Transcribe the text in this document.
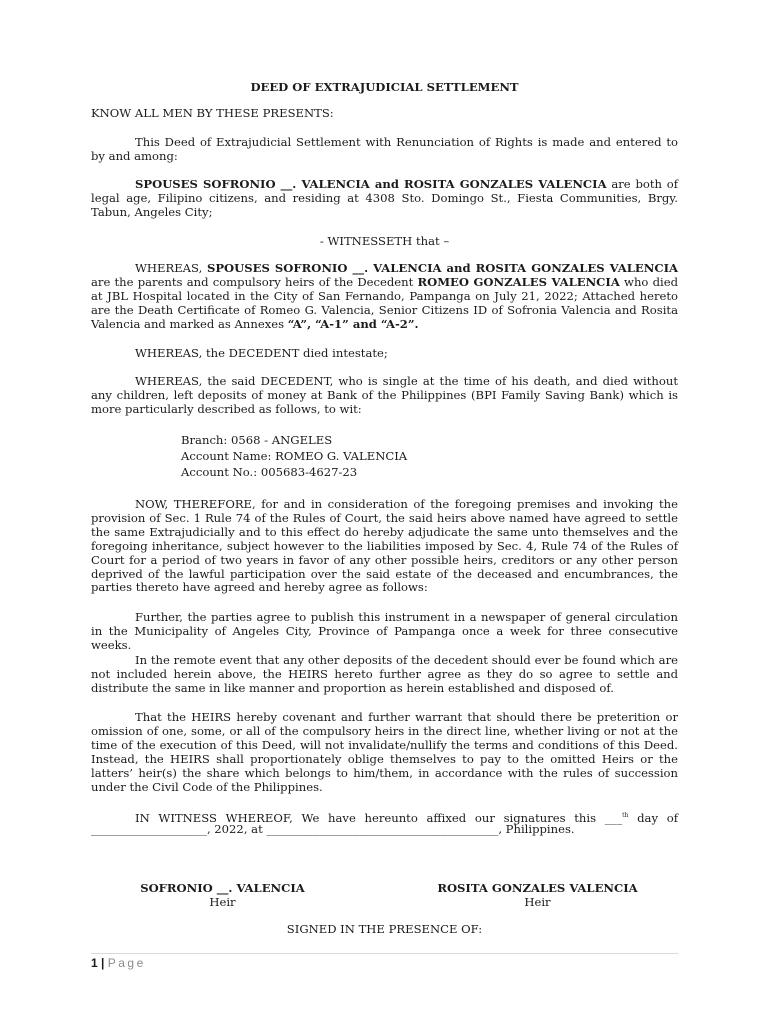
DEED OF EXTRAJUDICIAL SETTLEMENT

KNOW ALL MEN BY THESE PRESENTS:

This Deed of Extrajudicial Settlement with Renunciation of Rights is made and entered to by and among:

SPOUSES SOFRONIO __. VALENCIA and ROSITA GONZALES VALENCIA are both of legal age, Filipino citizens, and residing at 4308 Sto. Domingo St., Fiesta Communities, Brgy. Tabun, Angeles City;

- WITNESSETH that –

WHEREAS, SPOUSES SOFRONIO __. VALENCIA and ROSITA GONZALES VALENCIA are the parents and compulsory heirs of the Decedent ROMEO GONZALES VALENCIA who died at JBL Hospital located in the City of San Fernando, Pampanga on July 21, 2022; Attached hereto are the Death Certificate of Romeo G. Valencia, Senior Citizens ID of Sofronia Valencia and Rosita Valencia and marked as Annexes “A”, “A-1” and “A-2”.

WHEREAS, the DECEDENT died intestate;

WHEREAS, the said DECEDENT, who is single at the time of his death, and died without any children, left deposits of money at Bank of the Philippines (BPI Family Saving Bank) which is more particularly described as follows, to wit:

Branch: 0568 - ANGELES
Account Name: ROMEO G. VALENCIA
Account No.: 005683-4627-23

NOW, THEREFORE, for and in consideration of the foregoing premises and invoking the provision of Sec. 1 Rule 74 of the Rules of Court, the said heirs above named have agreed to settle the same Extrajudicially and to this effect do hereby adjudicate the same unto themselves and the foregoing inheritance, subject however to the liabilities imposed by Sec. 4, Rule 74 of the Rules of Court for a period of two years in favor of any other possible heirs, creditors or any other person deprived of the lawful participation over the said estate of the deceased and encumbrances, the parties thereto have agreed and hereby agree as follows:

Further, the parties agree to publish this instrument in a newspaper of general circulation in the Municipality of Angeles City, Province of Pampanga once a week for three consecutive weeks.

In the remote event that any other deposits of the decedent should ever be found which are not included herein above, the HEIRS hereto further agree as they do so agree to settle and distribute the same in like manner and proportion as herein established and disposed of.

That the HEIRS hereby covenant and further warrant that should there be preterition or omission of one, some, or all of the compulsory heirs in the direct line, whether living or not at the time of the execution of this Deed, will not invalidate/nullify the terms and conditions of this Deed. Instead, the HEIRS shall proportionately oblige themselves to pay to the omitted Heirs or the latters’ heir(s) the share which belongs to him/them, in accordance with the rules of succession under the Civil Code of the Philippines.

IN WITNESS WHEREOF, We have hereunto affixed our signatures this ___$^{th}$ day of

____________________, 2022, at ________________________________________, Philippines.

SOFRONIO __. VALENCIA
Heir
ROSITA GONZALES VALENCIA
Heir
SIGNED IN THE PRESENCE OF:
1 | Page
